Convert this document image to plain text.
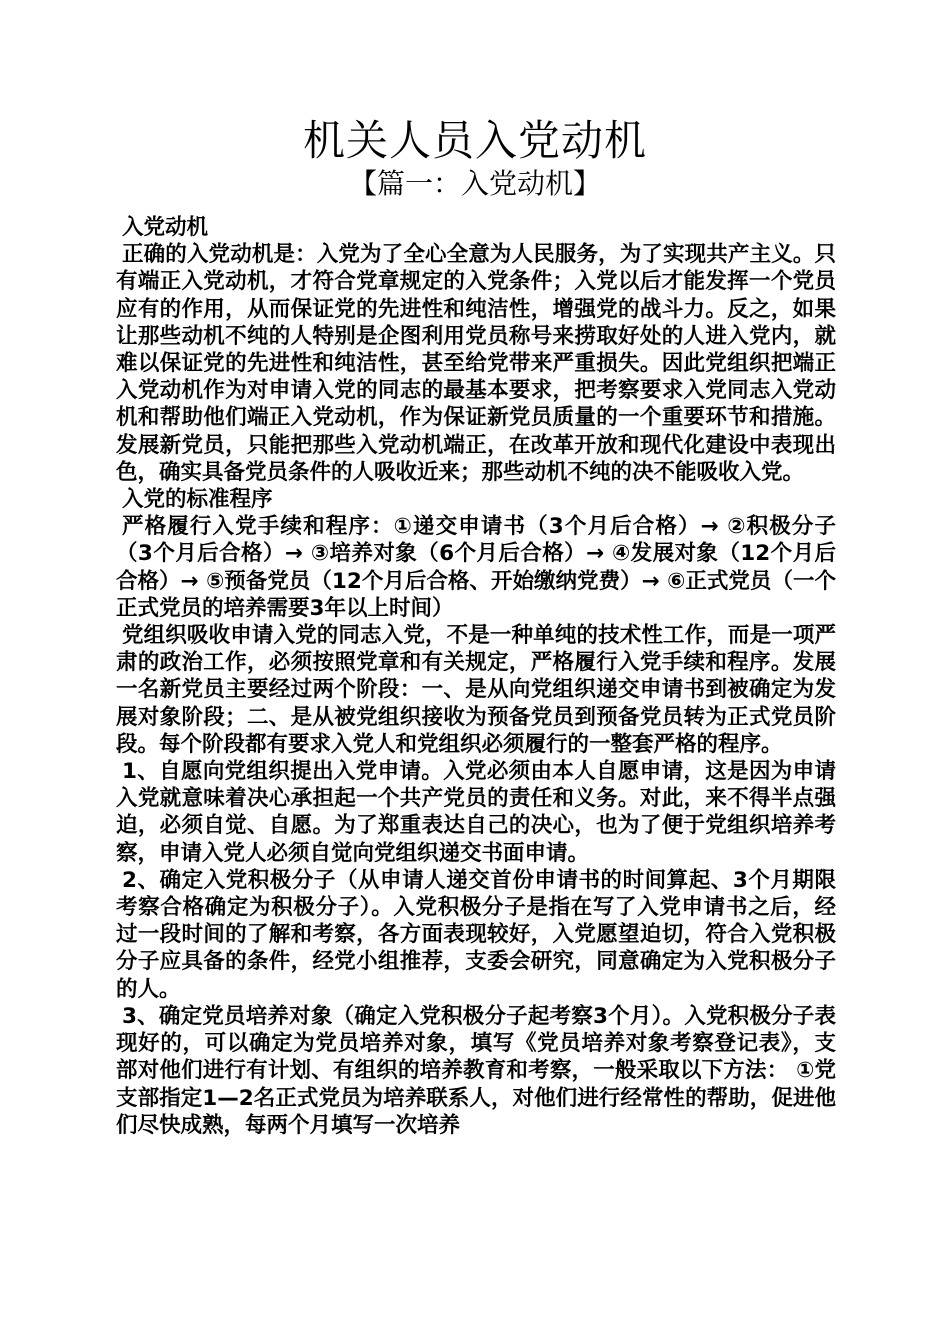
机关人员入党动机
【篇一：入党动机】

入党动机

正确的入党动机是：入党为了全心全意为人民服务，为了实现共产主义。只有端正入党动机，才符合党章规定的入党条件；入党以后才能发挥一个党员应有的作用，从而保证党的先进性和纯洁性，增强党的战斗力。反之，如果让那些动机不纯的人特别是企图利用党员称号来捞取好处的人进入党内，就难以保证党的先进性和纯洁性，甚至给党带来严重损失。因此党组织把端正入党动机作为对申请入党的同志的最基本要求，把考察要求入党同志入党动机和帮助他们端正入党动机，作为保证新党员质量的一个重要环节和措施。发展新党员，只能把那些入党动机端正，在改革开放和现代化建设中表现出色，确实具备党员条件的人吸收近来；那些动机不纯的决不能吸收入党。

入党的标准程序

严格履行入党手续和程序：①递交申请书（3个月后合格）→ ②积极分子（3个月后合格）→ ③培养对象（6个月后合格）→ ④发展对象（12个月后合格）→ ⑤预备党员（12个月后合格、开始缴纳党费）→ ⑥正式党员（一个正式党员的培养需要3年以上时间）

党组织吸收申请入党的同志入党，不是一种单纯的技术性工作，而是一项严肃的政治工作，必须按照党章和有关规定，严格履行入党手续和程序。发展一名新党员主要经过两个阶段：一、是从向党组织递交申请书到被确定为发展对象阶段；二、是从被党组织接收为预备党员到预备党员转为正式党员阶段。每个阶段都有要求入党人和党组织必须履行的一整套严格的程序。

1、自愿向党组织提出入党申请。入党必须由本人自愿申请，这是因为申请入党就意味着决心承担起一个共产党员的责任和义务。对此，来不得半点强迫，必须自觉、自愿。为了郑重表达自己的决心，也为了便于党组织培养考察，申请入党人必须自觉向党组织递交书面申请。

2、确定入党积极分子（从申请人递交首份申请书的时间算起、3个月期限考察合格确定为积极分子）。入党积极分子是指在写了入党申请书之后，经过一段时间的了解和考察，各方面表现较好，入党愿望迫切，符合入党积极分子应具备的条件，经党小组推荐，支委会研究，同意确定为入党积极分子的人。

3、确定党员培养对象（确定入党积极分子起考察3个月）。入党积极分子表现好的，可以确定为党员培养对象，填写《党员培养对象考察登记表》，支部对他们进行有计划、有组织的培养教育和考察，一般采取以下方法： ①党支部指定1—2名正式党员为培养联系人，对他们进行经常性的帮助，促进他们尽快成熟，每两个月填写一次培养
